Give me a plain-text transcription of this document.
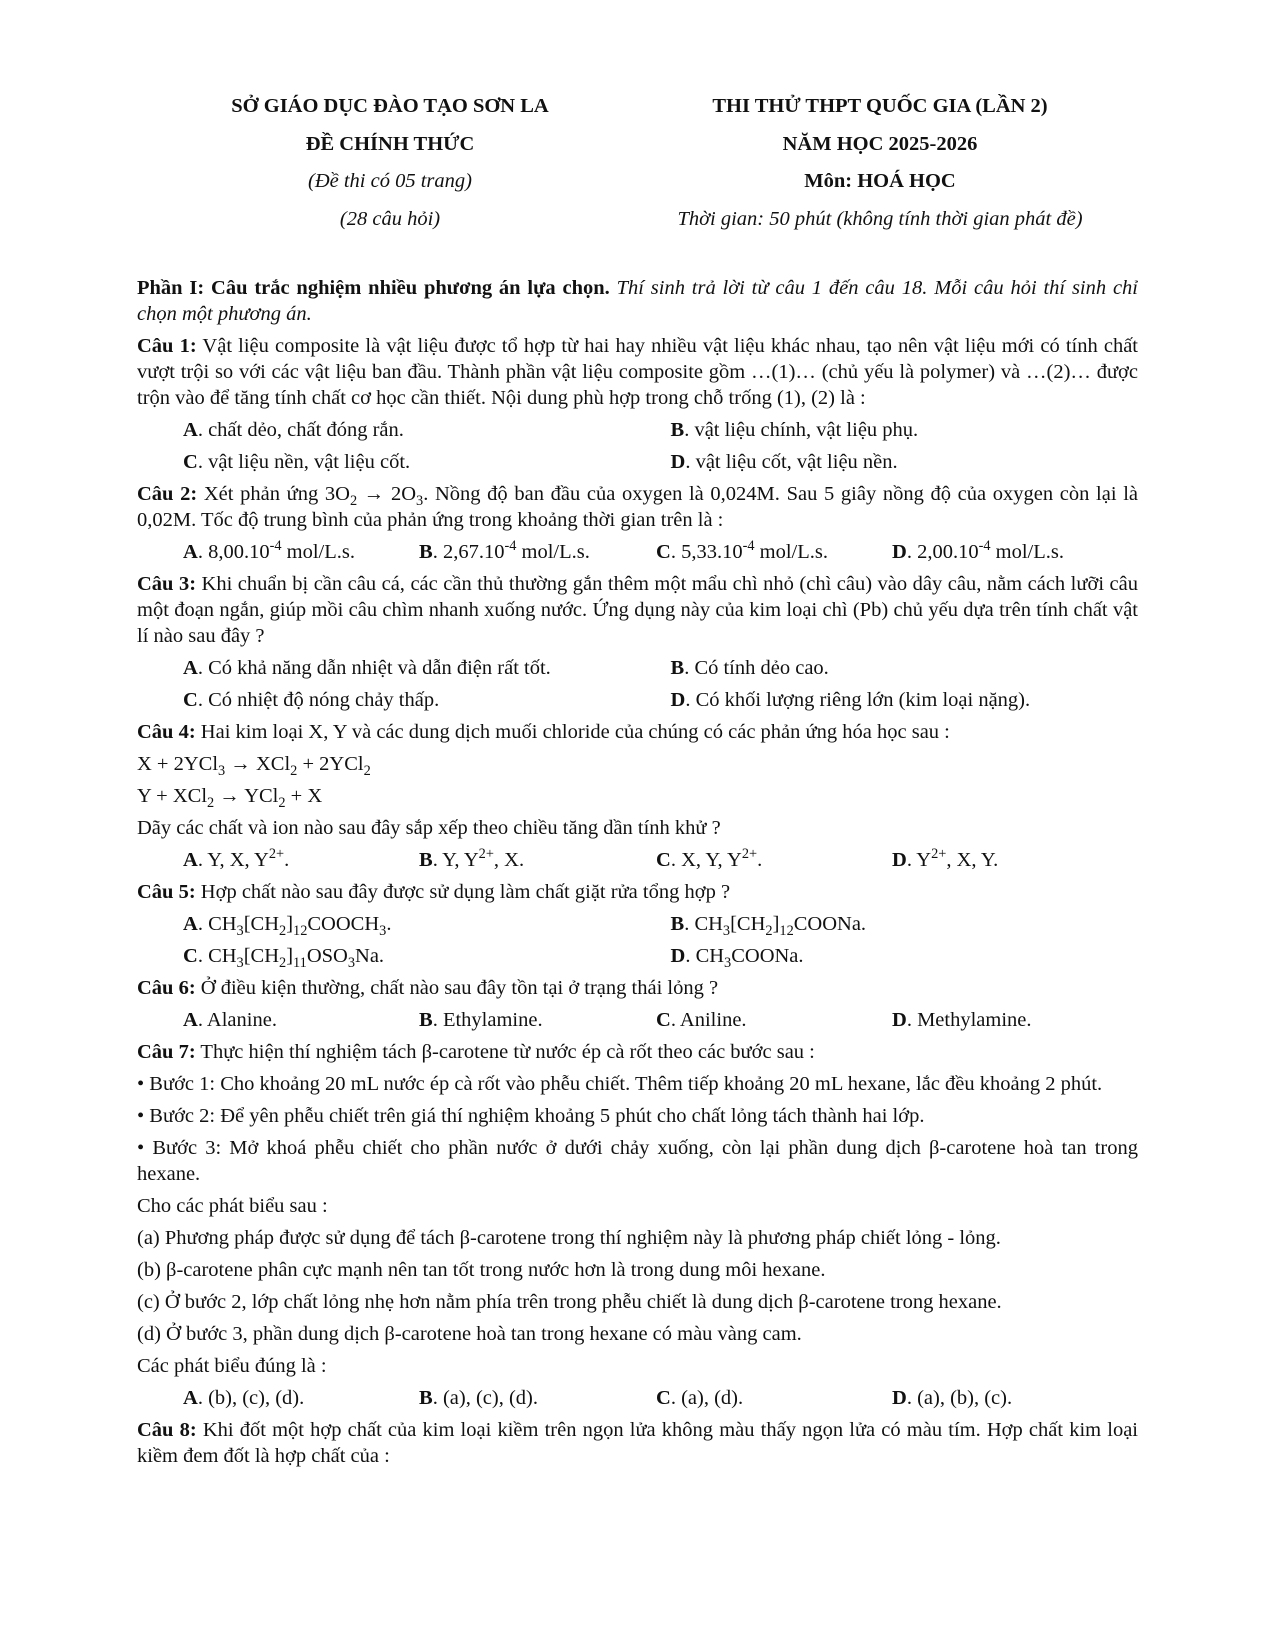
SỞ GIÁO DỤC ĐÀO TẠO SƠN LA
ĐỀ CHÍNH THỨC
(Đề thi có 05 trang)
(28 câu hỏi)
THI THỬ THPT QUỐC GIA (LẦN 2)
NĂM HỌC 2025-2026
Môn: HOÁ HỌC
Thời gian: 50 phút (không tính thời gian phát đề)

Phần I: Câu trắc nghiệm nhiều phương án lựa chọn. Thí sinh trả lời từ câu 1 đến câu 18. Mỗi câu hỏi thí sinh chỉ chọn một phương án.

Câu 1: Vật liệu composite là vật liệu được tổ hợp từ hai hay nhiều vật liệu khác nhau, tạo nên vật liệu mới có tính chất vượt trội so với các vật liệu ban đầu. Thành phần vật liệu composite gồm …(1)… (chủ yếu là polymer) và …(2)… được trộn vào để tăng tính chất cơ học cần thiết. Nội dung phù hợp trong chỗ trống (1), (2) là :

A. chất dẻo, chất đóng rắn.	B. vật liệu chính, vật liệu phụ.
C. vật liệu nền, vật liệu cốt.	D. vật liệu cốt, vật liệu nền.

Câu 2: Xét phản ứng $3O_2 \to 2O_3$. Nồng độ ban đầu của oxygen là 0,024M. Sau 5 giây nồng độ của oxygen còn lại là 0,02M. Tốc độ trung bình của phản ứng trong khoảng thời gian trên là :

A. $8,00.10^{-4}$ mol/L.s.	B. $2,67.10^{-4}$ mol/L.s.	C. $5,33.10^{-4}$ mol/L.s.	D. $2,00.10^{-4}$ mol/L.s.

Câu 3: Khi chuẩn bị cần câu cá, các cần thủ thường gắn thêm một mẩu chì nhỏ (chì câu) vào dây câu, nằm cách lưỡi câu một đoạn ngắn, giúp mồi câu chìm nhanh xuống nước. Ứng dụng này của kim loại chì (Pb) chủ yếu dựa trên tính chất vật lí nào sau đây ?

A. Có khả năng dẫn nhiệt và dẫn điện rất tốt.	B. Có tính dẻo cao.
C. Có nhiệt độ nóng chảy thấp.	D. Có khối lượng riêng lớn (kim loại nặng).

Câu 4: Hai kim loại X, Y và các dung dịch muối chloride của chúng có các phản ứng hóa học sau :

X + 2YCl$_3$ → XCl$_2$ + 2YCl$_2$

Y + XCl$_2$ → YCl$_2$ + X

Dãy các chất và ion nào sau đây sắp xếp theo chiều tăng dần tính khử ?

A. Y, X, $Y^{2+}$.	B. Y, $Y^{2+}$, X.	C. X, Y, $Y^{2+}$.	D. $Y^{2+}$, X, Y.

Câu 5: Hợp chất nào sau đây được sử dụng làm chất giặt rửa tổng hợp ?

A. $CH_3[CH_2]_{12}COOCH_3$.	B. $CH_3[CH_2]_{12}COONa$.
C. $CH_3[CH_2]_{11}OSO_3Na$.	D. $CH_3COONa$.

Câu 6: Ở điều kiện thường, chất nào sau đây tồn tại ở trạng thái lỏng ?

A. Alanine.	B. Ethylamine.	C. Aniline.	D. Methylamine.

Câu 7: Thực hiện thí nghiệm tách β-carotene từ nước ép cà rốt theo các bước sau :

• Bước 1: Cho khoảng 20 mL nước ép cà rốt vào phễu chiết. Thêm tiếp khoảng 20 mL hexane, lắc đều khoảng 2 phút.

• Bước 2: Để yên phễu chiết trên giá thí nghiệm khoảng 5 phút cho chất lỏng tách thành hai lớp.

• Bước 3: Mở khoá phễu chiết cho phần nước ở dưới chảy xuống, còn lại phần dung dịch β-carotene hoà tan trong hexane.

Cho các phát biểu sau :

(a) Phương pháp được sử dụng để tách β-carotene trong thí nghiệm này là phương pháp chiết lỏng - lỏng.

(b) β-carotene phân cực mạnh nên tan tốt trong nước hơn là trong dung môi hexane.

(c) Ở bước 2, lớp chất lỏng nhẹ hơn nằm phía trên trong phễu chiết là dung dịch β-carotene trong hexane.

(d) Ở bước 3, phần dung dịch β-carotene hoà tan trong hexane có màu vàng cam.

Các phát biểu đúng là :

A. (b), (c), (d).	B. (a), (c), (d).	C. (a), (d).	D. (a), (b), (c).

Câu 8: Khi đốt một hợp chất của kim loại kiềm trên ngọn lửa không màu thấy ngọn lửa có màu tím. Hợp chất kim loại kiềm đem đốt là hợp chất của :
